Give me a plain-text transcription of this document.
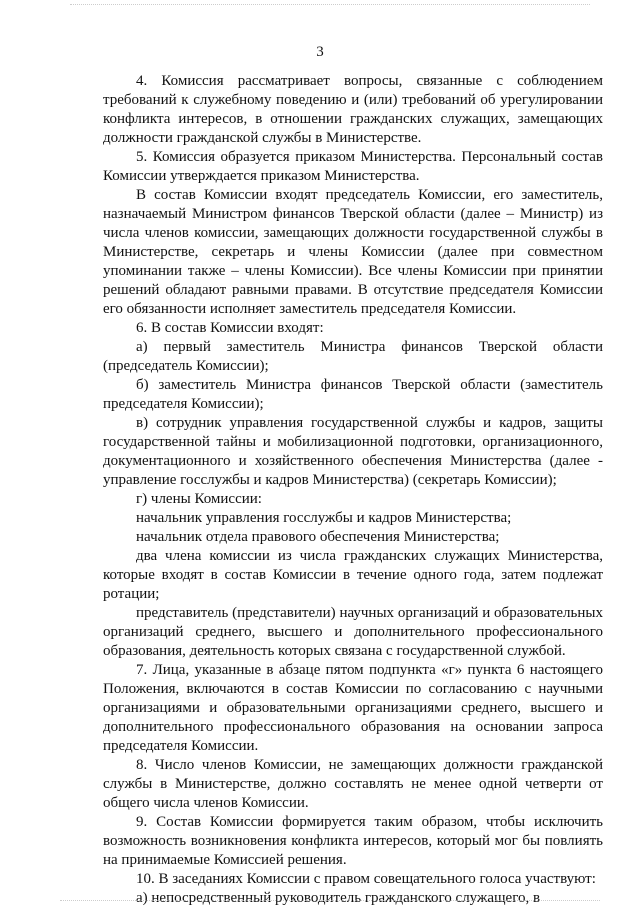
3

4. Комиссия рассматривает вопросы, связанные с соблюдением требований к служебному поведению и (или) требований об урегулировании конфликта интересов, в отношении гражданских служащих, замещающих должности гражданской службы в Министерстве.

5. Комиссия образуется приказом Министерства. Персональный состав Комиссии утверждается приказом Министерства.

В состав Комиссии входят председатель Комиссии, его заместитель, назначаемый Министром финансов Тверской области (далее – Министр) из числа членов комиссии, замещающих должности государственной службы в Министерстве, секретарь и члены Комиссии (далее при совместном упоминании также – члены Комиссии). Все члены Комиссии при принятии решений обладают равными правами. В отсутствие председателя Комиссии его обязанности исполняет заместитель председателя Комиссии.

6. В состав Комиссии входят:

а) первый заместитель Министра финансов Тверской области (председатель Комиссии);

б) заместитель Министра финансов Тверской области (заместитель председателя Комиссии);

в) сотрудник управления государственной службы и кадров, защиты государственной тайны и мобилизационной подготовки, организационного, документационного и хозяйственного обеспечения Министерства (далее - управление госслужбы и кадров Министерства) (секретарь Комиссии);

г) члены Комиссии:

начальник управления госслужбы и кадров Министерства;

начальник отдела правового обеспечения Министерства;

два члена комиссии из числа гражданских служащих Министерства, которые входят в состав Комиссии в течение одного года, затем подлежат ротации;

представитель (представители) научных организаций и образовательных организаций среднего, высшего и дополнительного профессионального образования, деятельность которых связана с государственной службой.

7. Лица, указанные в абзаце пятом подпункта «г» пункта 6 настоящего Положения, включаются в состав Комиссии по согласованию с научными организациями и образовательными организациями среднего, высшего и дополнительного профессионального образования на основании запроса председателя Комиссии.

8. Число членов Комиссии, не замещающих должности гражданской службы в Министерстве, должно составлять не менее одной четверти от общего числа членов Комиссии.

9. Состав Комиссии формируется таким образом, чтобы исключить возможность возникновения конфликта интересов, который мог бы повлиять на принимаемые Комиссией решения.

10. В заседаниях Комиссии с правом совещательного голоса участвуют:

а) непосредственный руководитель гражданского служащего, в
